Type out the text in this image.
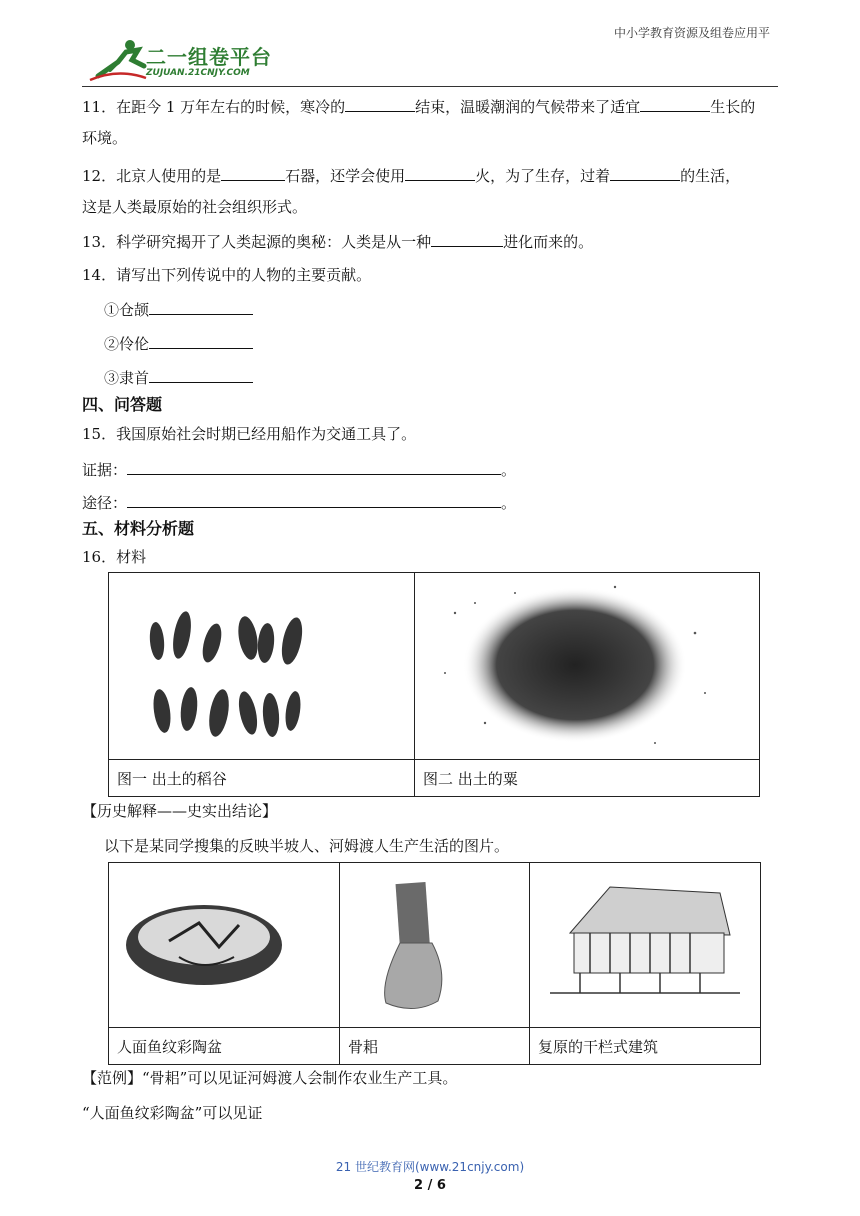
中小学教育资源及组卷应用平
二一组卷平台
ZUJUAN.21CNJY.COM
11．在距今 1 万年左右的时候，寒冷的	结束，温暖潮润的气候带来了适宜	生长的
环境。
12．北京人使用的是	石器，还学会使用	火，为了生存，过着	的生活，
这是人类最原始的社会组织形式。
13．科学研究揭开了人类起源的奥秘：人类是从一种	进化而来的。
14．请写出下列传说中的人物的主要贡献。
①仓颉
②伶伦
③隶首
四、问答题
15．我国原始社会时期已经用船作为交通工具了。
证据：	。
途径：	。
五、材料分析题
16．材料

图一 出土的稻谷	图二 出土的粟
【历史解释——史实出结论】
以下是某同学搜集的反映半坡人、河姆渡人生产生活的图片。

人面鱼纹彩陶盆	骨耜	复原的干栏式建筑
【范例】“骨耜”可以见证河姆渡人会制作农业生产工具。
“人面鱼纹彩陶盆”可以见证
21 世纪教育网(www.21cnjy.com)
2 / 6
